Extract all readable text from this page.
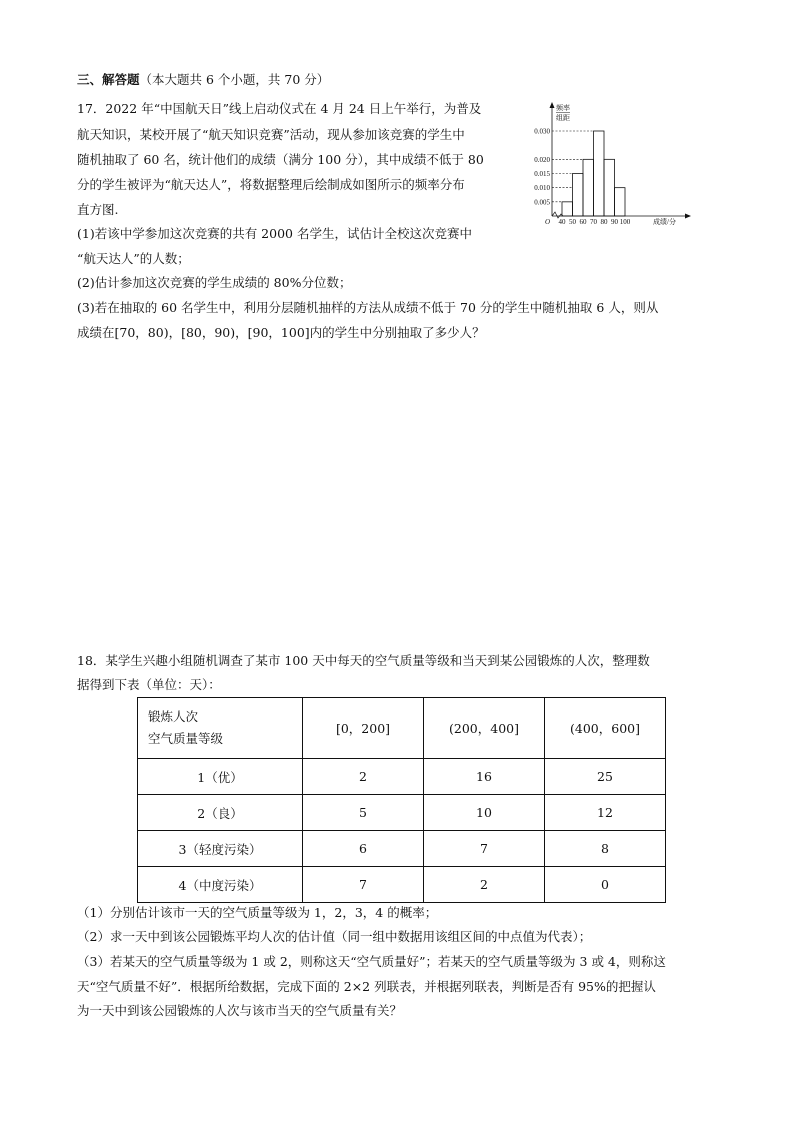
三、解答题（本大题共 6 个小题，共 70 分）
17．2022 年“中国航天日”线上启动仪式在 4 月 24 日上午举行，为普及
航天知识，某校开展了“航天知识竞赛”活动，现从参加该竞赛的学生中
随机抽取了 60 名，统计他们的成绩（满分 100 分），其中成绩不低于 80
分的学生被评为“航天达人”，将数据整理后绘制成如图所示的频率分布
直方图.
(1)若该中学参加这次竞赛的共有 2000 名学生，试估计全校这次竞赛中
“航天达人”的人数；
(2)估计参加这次竞赛的学生成绩的 80%分位数；
(3)若在抽取的 60 名学生中，利用分层随机抽样的方法从成绩不低于 70 分的学生中随机抽取 6 人，则从
成绩在[70，80)，[80，90)，[90，100]内的学生中分别抽取了多少人？
频率
组距
O	成绩/分
0.005
0.010
0.015
0.020
0.030
40 50 60 70 80 90 100
18．某学生兴趣小组随机调查了某市 100 天中每天的空气质量等级和当天到某公园锻炼的人次，整理数
据得到下表（单位：天）：
锻炼人次
空气质量等级	[0，200]	(200，400]	(400，600]
1（优）	2	16	25
2（良）	5	10	12
3（轻度污染）	6	7	8
4（中度污染）	7	2	0
（1）分别估计该市一天的空气质量等级为 1，2，3，4 的概率；
（2）求一天中到该公园锻炼平均人次的估计值（同一组中数据用该组区间的中点值为代表）；
（3）若某天的空气质量等级为 1 或 2，则称这天“空气质量好”；若某天的空气质量等级为 3 或 4，则称这
天“空气质量不好”．根据所给数据，完成下面的 2×2 列联表，并根据列联表，判断是否有 95%的把握认
为一天中到该公园锻炼的人次与该市当天的空气质量有关？
